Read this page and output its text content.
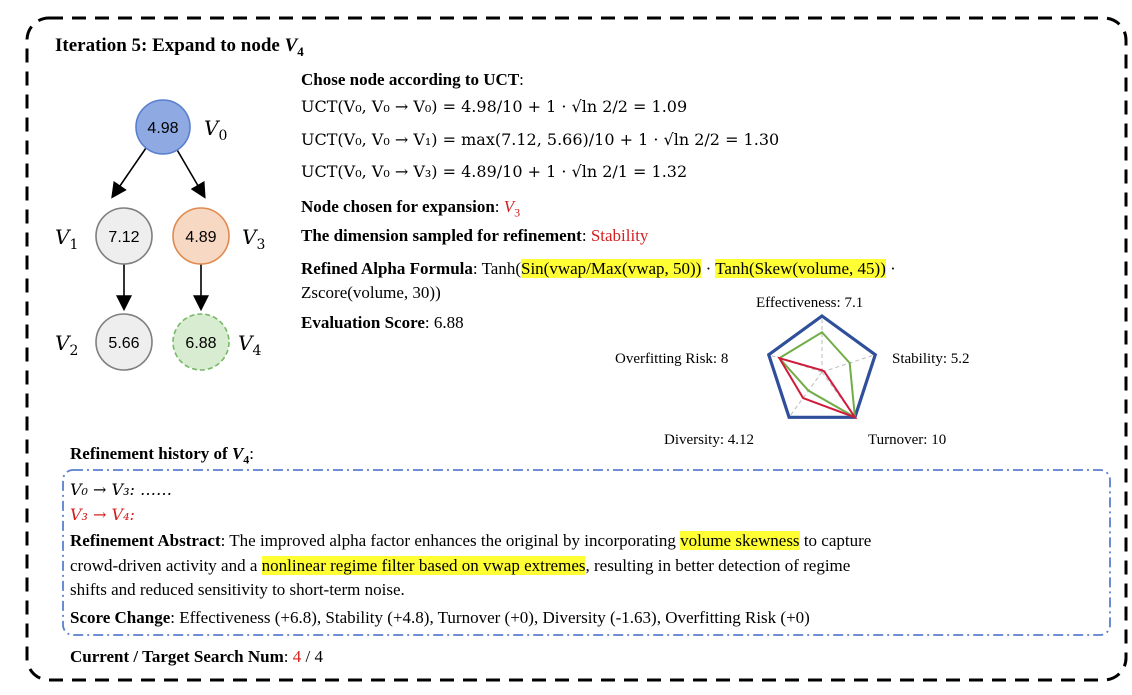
4.98
7.12	4.89
5.66	6.88
$V_0$
$V_1$	$V_3$
$V_2$	$V_4$
Iteration 5: Expand to node $V_4$
Chose node according to UCT:
UCT(V₀, V₀ → V₀) = 4.98/10 + 1 · √ln 2/2 = 1.09
UCT(V₀, V₀ → V₁) = max(7.12, 5.66)/10 + 1 · √ln 2/2 = 1.30
UCT(V₀, V₀ → V₃) = 4.89/10 + 1 · √ln 2/1 = 1.32
Node chosen for expansion: $V_3$
The dimension sampled for refinement: Stability
Refined Alpha Formula: Tanh(Sin(vwap/Max(vwap, 50)) · Tanh(Skew(volume, 45)) ·
Zscore(volume, 30))
Evaluation Score: 6.88
Effectiveness: 7.1
Stability: 5.2
Turnover: 10
Diversity: 4.12
Overfitting Risk: 8
Refinement history of $V_4$:
V₀ → V₃: ……
V₃ → V₄:
Refinement Abstract: The improved alpha factor enhances the original by incorporating volume skewness to capture
crowd-driven activity and a nonlinear regime filter based on vwap extremes, resulting in better detection of regime
shifts and reduced sensitivity to short-term noise.
Score Change: Effectiveness (+6.8), Stability (+4.8), Turnover (+0), Diversity (-1.63), Overfitting Risk (+0)
Current / Target Search Num: 4 / 4
